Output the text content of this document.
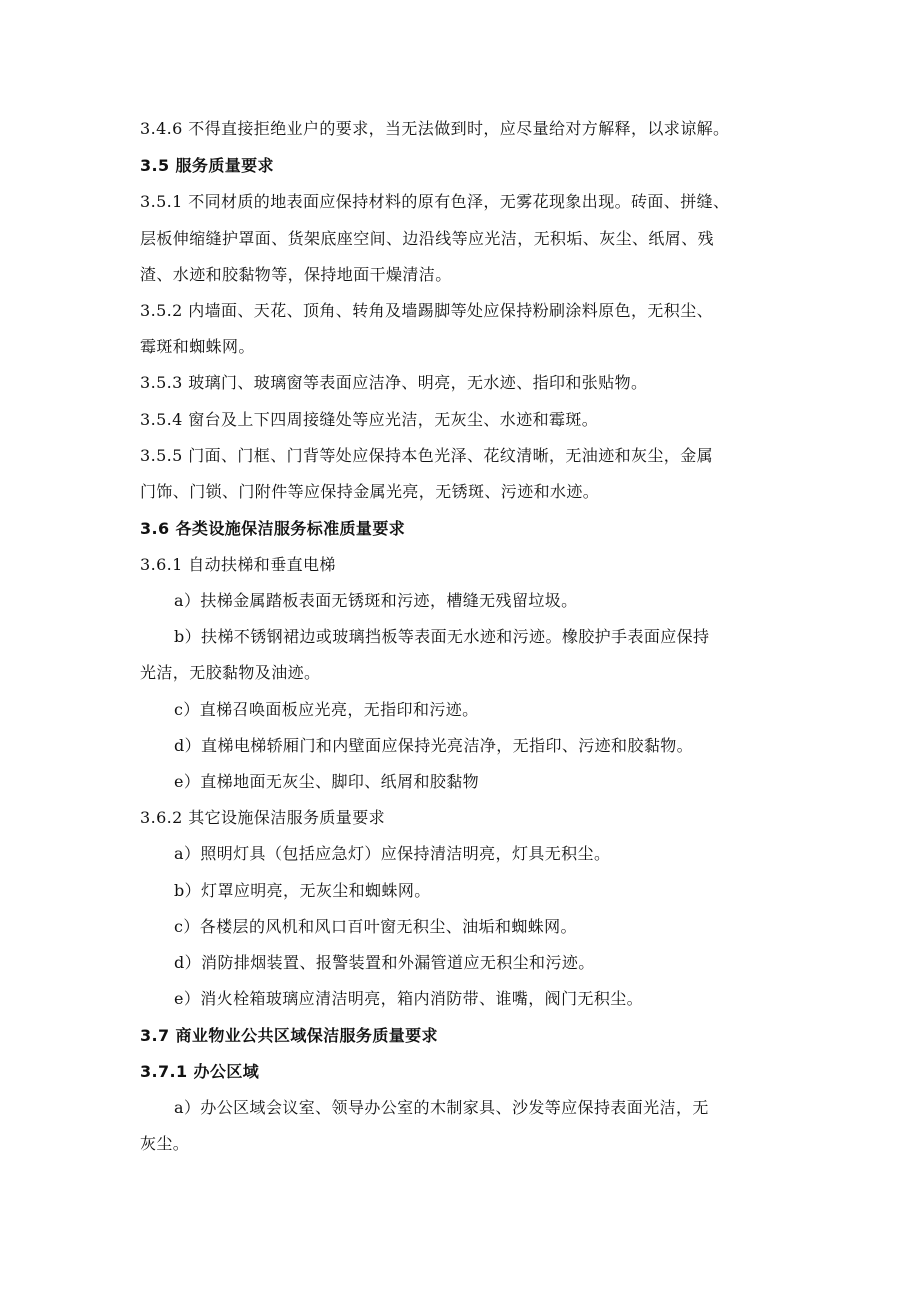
3.4.6 不得直接拒绝业户的要求，当无法做到时，应尽量给对方解释，以求谅解。
3.5 服务质量要求
3.5.1 不同材质的地表面应保持材料的原有色泽，无雾花现象出现。砖面、拼缝、
层板伸缩缝护罩面、货架底座空间、边沿线等应光洁，无积垢、灰尘、纸屑、残
渣、水迹和胶黏物等，保持地面干燥清洁。
3.5.2 内墙面、天花、顶角、转角及墙踢脚等处应保持粉刷涂料原色，无积尘、
霉斑和蜘蛛网。
3.5.3 玻璃门、玻璃窗等表面应洁净、明亮，无水迹、指印和张贴物。
3.5.4 窗台及上下四周接缝处等应光洁，无灰尘、水迹和霉斑。
3.5.5 门面、门框、门背等处应保持本色光泽、花纹清晰，无油迹和灰尘，金属
门饰、门锁、门附件等应保持金属光亮，无锈斑、污迹和水迹。
3.6 各类设施保洁服务标准质量要求
3.6.1 自动扶梯和垂直电梯
a）扶梯金属踏板表面无锈斑和污迹，槽缝无残留垃圾。
b）扶梯不锈钢裙边或玻璃挡板等表面无水迹和污迹。橡胶护手表面应保持
光洁，无胶黏物及油迹。
c）直梯召唤面板应光亮，无指印和污迹。
d）直梯电梯轿厢门和内壁面应保持光亮洁净，无指印、污迹和胶黏物。
e）直梯地面无灰尘、脚印、纸屑和胶黏物
3.6.2 其它设施保洁服务质量要求
a）照明灯具（包括应急灯）应保持清洁明亮，灯具无积尘。
b）灯罩应明亮，无灰尘和蜘蛛网。
c）各楼层的风机和风口百叶窗无积尘、油垢和蜘蛛网。
d）消防排烟装置、报警装置和外漏管道应无积尘和污迹。
e）消火栓箱玻璃应清洁明亮，箱内消防带、谁嘴，阀门无积尘。
3.7 商业物业公共区域保洁服务质量要求
3.7.1 办公区域
a）办公区域会议室、领导办公室的木制家具、沙发等应保持表面光洁，无
灰尘。
